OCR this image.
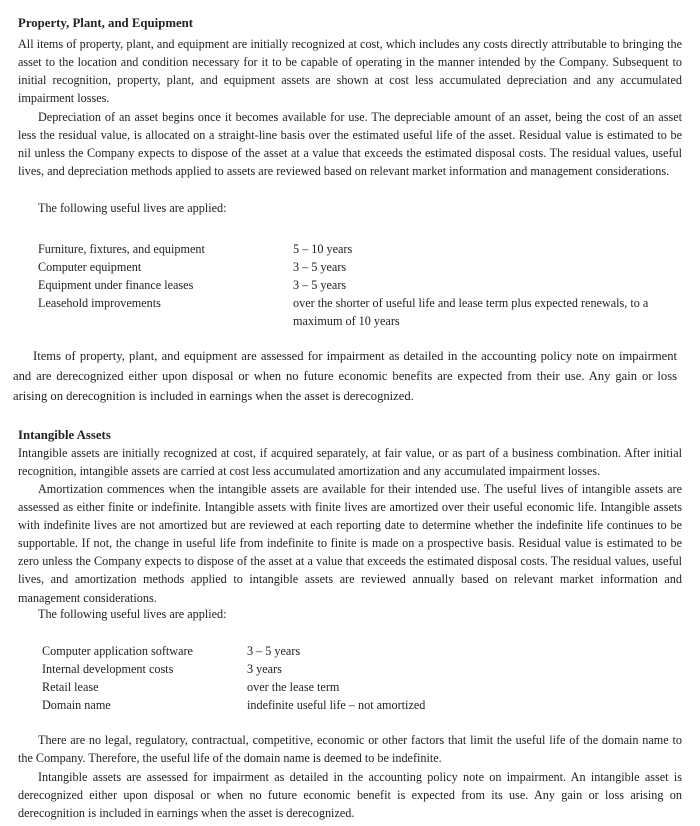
Property, Plant, and Equipment

All items of property, plant, and equipment are initially recognized at cost, which includes any costs directly attributable to bringing the asset to the location and condition necessary for it to be capable of operating in the manner intended by the Company. Subsequent to initial recognition, property, plant, and equipment assets are shown at cost less accumulated depreciation and any accumulated impairment losses.

Depreciation of an asset begins once it becomes available for use. The depreciable amount of an asset, being the cost of an asset less the residual value, is allocated on a straight-line basis over the estimated useful life of the asset. Residual value is estimated to be nil unless the Company expects to dispose of the asset at a value that exceeds the estimated disposal costs. The residual values, useful lives, and depreciation methods applied to assets are reviewed based on relevant market information and management considerations.

The following useful lives are applied:
Furniture, fixtures, and equipment	5 – 10 years
Computer equipment	3 – 5 years
Equipment under finance leases	3 – 5 years
Leasehold improvements	over the shorter of useful life and lease term plus expected renewals, to a maximum of 10 years

Items of property, plant, and equipment are assessed for impairment as detailed in the accounting policy note on impairment and are derecognized either upon disposal or when no future economic benefits are expected from their use. Any gain or loss arising on derecognition is included in earnings when the asset is derecognized.

Intangible Assets

Intangible assets are initially recognized at cost, if acquired separately, at fair value, or as part of a business combination. After initial recognition, intangible assets are carried at cost less accumulated amortization and any accumulated impairment losses.

Amortization commences when the intangible assets are available for their intended use. The useful lives of intangible assets are assessed as either finite or indefinite. Intangible assets with finite lives are amortized over their useful economic life. Intangible assets with indefinite lives are not amortized but are reviewed at each reporting date to determine whether the indefinite life continues to be supportable. If not, the change in useful life from indefinite to finite is made on a prospective basis. Residual value is estimated to be zero unless the Company expects to dispose of the asset at a value that exceeds the estimated disposal costs. The residual values, useful lives, and amortization methods applied to intangible assets are reviewed annually based on relevant market information and management considerations.

The following useful lives are applied:
Computer application software	3 – 5 years
Internal development costs	3 years
Retail lease	over the lease term
Domain name	indefinite useful life – not amortized

There are no legal, regulatory, contractual, competitive, economic or other factors that limit the useful life of the domain name to the Company. Therefore, the useful life of the domain name is deemed to be indefinite.

Intangible assets are assessed for impairment as detailed in the accounting policy note on impairment. An intangible asset is derecognized either upon disposal or when no future economic benefit is expected from its use. Any gain or loss arising on derecognition is included in earnings when the asset is derecognized.
